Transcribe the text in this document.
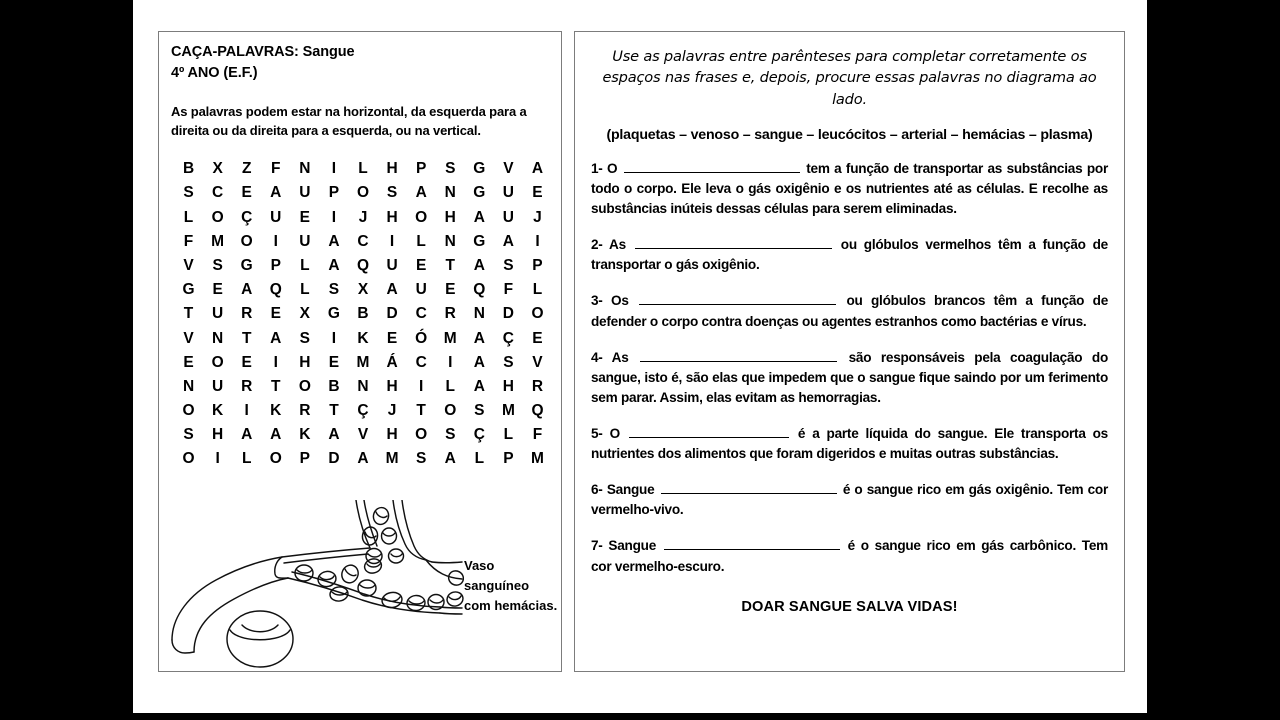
CAÇA-PALAVRAS: Sangue
4º ANO (E.F.)
As palavras podem estar na horizontal, da esquerda para a direita ou da direita para a esquerda, ou na vertical.
B	X	Z	F	N	I	L	H	P	S	G	V	A
S	C	E	A	U	P	O	S	A	N	G	U	E
L	O	Ç	U	E	I	J	H	O	H	A	U	J
F	M	O	I	U	A	C	I	L	N	G	A	I
V	S	G	P	L	A	Q	U	E	T	A	S	P
G	E	A	Q	L	S	X	A	U	E	Q	F	L
T	U	R	E	X	G	B	D	C	R	N	D	O
V	N	T	A	S	I	K	E	Ó	M	A	Ç	E
E	O	E	I	H	E	M	Á	C	I	A	S	V
N	U	R	T	O	B	N	H	I	L	A	H	R
O	K	I	K	R	T	Ç	J	T	O	S	M	Q
S	H	A	A	K	A	V	H	O	S	Ç	L	F
O	I	L	O	P	D	A	M	S	A	L	P	M
Vaso sanguíneo com hemácias.
Use as palavras entre parênteses para completar corretamente os espaços nas frases e, depois, procure essas palavras no diagrama ao lado.
(plaquetas – venoso – sangue – leucócitos – arterial – hemácias – plasma)
1- O	tem a função de transportar as substâncias por todo o corpo. Ele leva o gás oxigênio e os nutrientes até as células. E recolhe as substâncias inúteis dessas células para serem eliminadas.
2- As	ou glóbulos vermelhos têm a função de transportar o gás oxigênio.
3- Os	ou glóbulos brancos têm a função de defender o corpo contra doenças ou agentes estranhos como bactérias e vírus.
4- As	são responsáveis pela coagulação do sangue, isto é, são elas que impedem que o sangue fique saindo por um ferimento sem parar. Assim, elas evitam as hemorragias.
5- O	é a parte líquida do sangue. Ele transporta os nutrientes dos alimentos que foram digeridos e muitas outras substâncias.
6- Sangue	é o sangue rico em gás oxigênio. Tem cor vermelho-vivo.
7- Sangue	é o sangue rico em gás carbônico. Tem cor vermelho-escuro.
DOAR SANGUE SALVA VIDAS!
